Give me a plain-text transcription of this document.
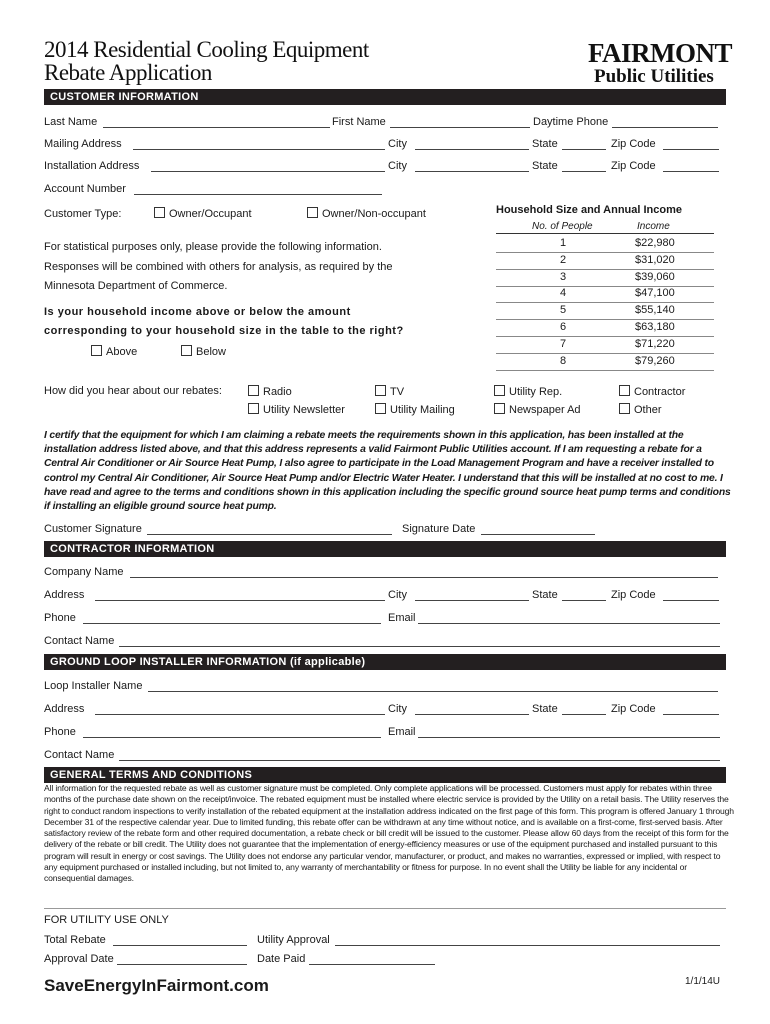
2014 Residential Cooling Equipment
Rebate Application
FAIRMONT
Public Utilities
CUSTOMER INFORMATION
Last Name	First Name	Daytime Phone
Mailing Address	City	State	Zip Code
Installation Address	City	State	Zip Code
Account Number
Customer Type:	Owner/Occupant	Owner/Non-occupant
For statistical purposes only, please provide the following information.
Responses will be combined with others for analysis, as required by the
Minnesota Department of Commerce.
Is your household income above or below the amount
corresponding to your household size in the table to the right?
Above	Below
Household Size and Annual Income
No. of People	Income
1	$22,980
2	$31,020
3	$39,060
4	$47,100
5	$55,140
6	$63,180
7	$71,220
8	$79,260
How did you hear about our rebates:	Radio	TV	Utility Rep.	Contractor
Utility Newsletter	Utility Mailing	Newspaper Ad	Other
I certify that the equipment for which I am claiming a rebate meets the requirements shown in this application, has been installed at the installation address listed above, and that this address represents a valid Fairmont Public Utilities account. If I am requesting a rebate for a Central Air Conditioner or Air Source Heat Pump, I also agree to participate in the Load Management Program and have a receiver installed to control my Central Air Conditioner, Air Source Heat Pump and/or Electric Water Heater. I understand that this will be installed at no cost to me. I have read and agree to the terms and conditions shown in this application including the specific ground source heat pump terms and conditions if installing an eligible ground source heat pump.
Customer Signature	Signature Date
CONTRACTOR INFORMATION
Company Name
Address	City	State	Zip Code
Phone	Email
Contact Name
GROUND LOOP INSTALLER INFORMATION (if applicable)
Loop Installer Name
Address	City	State	Zip Code
Phone	Email
Contact Name
GENERAL TERMS AND CONDITIONS
All information for the requested rebate as well as customer signature must be completed. Only complete applications will be processed. Customers must apply for rebates within three months of the purchase date shown on the receipt/invoice. The rebated equipment must be installed where electric service is provided by the Utility on a retail basis. The Utility reserves the right to conduct random inspections to verify installation of the rebated equipment at the installation address indicated on the first page of this form. This program is offered January 1 through December 31 of the respective calendar year. Due to limited funding, this rebate offer can be withdrawn at any time without notice, and is available on a first-come, first-served basis. After satisfactory review of the rebate form and other required documentation, a rebate check or bill credit will be issued to the customer. Please allow 60 days from the receipt of this form for the delivery of the rebate or bill credit. The Utility does not guarantee that the implementation of energy-efficiency measures or use of the equipment purchased and installed pursuant to this program will result in energy or cost savings. The Utility does not endorse any particular vendor, manufacturer, or product, and makes no warranties, expressed or implied, with respect to any equipment purchased or installed including, but not limited to, any warranty of merchantability or fitness for purpose. In no event shall the Utility be liable for any incidental or consequential damages.
FOR UTILITY USE ONLY
Total Rebate	Utility Approval
Approval Date	Date Paid
SaveEnergyInFairmont.com	1/1/14U
